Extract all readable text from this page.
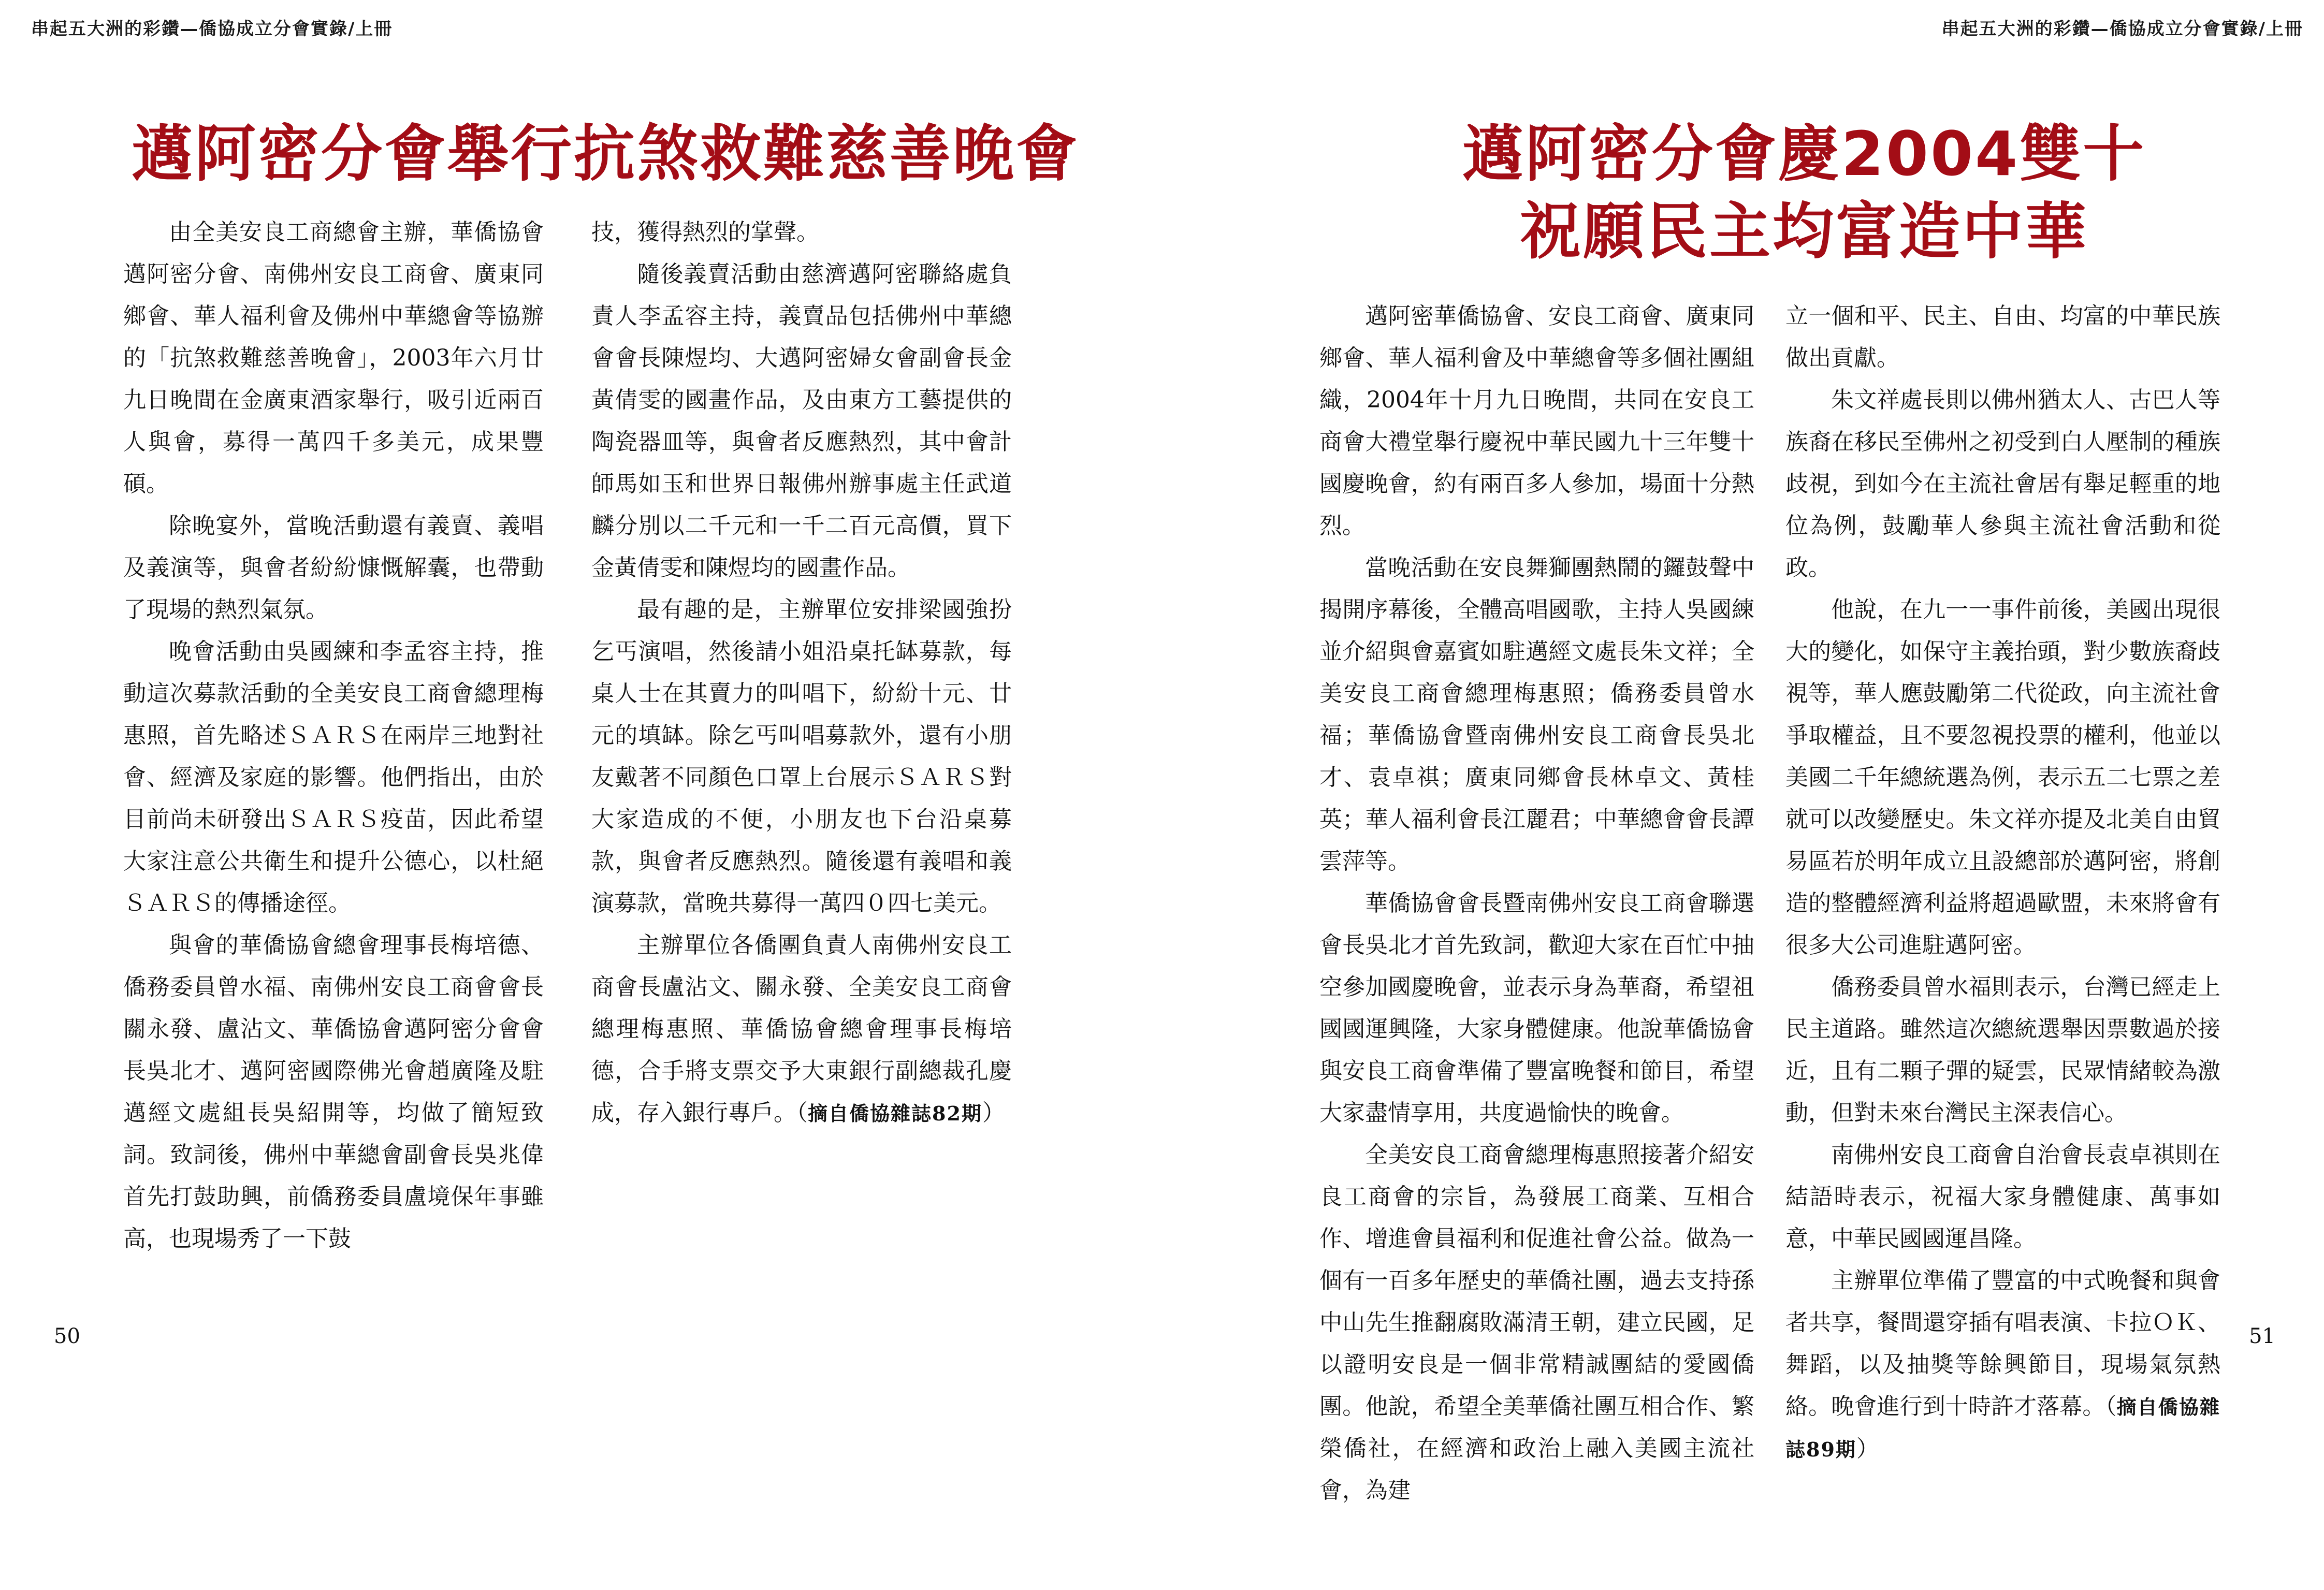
串起五大洲的彩鑽—僑協成立分會實錄/上冊
邁阿密分會舉行抗煞救難慈善晚會

由全美安良工商總會主辦，華僑協會邁阿密分會、南佛州安良工商會、廣東同鄉會、華人福利會及佛州中華總會等協辦的「抗煞救難慈善晚會」，2003年六月廿九日晚間在金廣東酒家舉行，吸引近兩百人與會，募得一萬四千多美元，成果豐碩。

除晚宴外，當晚活動還有義賣、義唱及義演等，與會者紛紛慷慨解囊，也帶動了現場的熱烈氣氛。

晚會活動由吳國練和李孟容主持，推動這次募款活動的全美安良工商會總理梅惠照，首先略述ＳＡＲＳ在兩岸三地對社會、經濟及家庭的影響。他們指出，由於目前尚未研發出ＳＡＲＳ疫苗，因此希望大家注意公共衛生和提升公德心，以杜絕ＳＡＲＳ的傳播途徑。

與會的華僑協會總會理事長梅培德、僑務委員曾水福、南佛州安良工商會會長關永發、盧沾文、華僑協會邁阿密分會會長吳北才、邁阿密國際佛光會趙廣隆及駐邁經文處組長吳紹開等，均做了簡短致詞。致詞後，佛州中華總會副會長吳兆偉首先打鼓助興，前僑務委員盧境保年事雖高，也現場秀了一下鼓

技，獲得熱烈的掌聲。

隨後義賣活動由慈濟邁阿密聯絡處負責人李孟容主持，義賣品包括佛州中華總會會長陳煜均、大邁阿密婦女會副會長金黃倩雯的國畫作品，及由東方工藝提供的陶瓷器皿等，與會者反應熱烈，其中會計師馬如玉和世界日報佛州辦事處主任武道麟分別以二千元和一千二百元高價，買下金黃倩雯和陳煜均的國畫作品。

最有趣的是，主辦單位安排梁國強扮乞丐演唱，然後請小姐沿桌托缽募款，每桌人士在其賣力的叫唱下，紛紛十元、廿元的填缽。除乞丐叫唱募款外，還有小朋友戴著不同顏色口罩上台展示ＳＡＲＳ對大家造成的不便，小朋友也下台沿桌募款，與會者反應熱烈。隨後還有義唱和義演募款，當晚共募得一萬四０四七美元。

主辦單位各僑團負責人南佛州安良工商會長盧沾文、關永發、全美安良工商會總理梅惠照、華僑協會總會理事長梅培德，合手將支票交予大東銀行副總裁孔慶成，存入銀行專戶。（摘自僑協雜誌82期）

50
串起五大洲的彩鑽—僑協成立分會實錄/上冊
邁阿密分會慶2004雙十
祝願民主均富造中華

邁阿密華僑協會、安良工商會、廣東同鄉會、華人福利會及中華總會等多個社團組織，2004年十月九日晚間，共同在安良工商會大禮堂舉行慶祝中華民國九十三年雙十國慶晚會，約有兩百多人參加，場面十分熱烈。

當晚活動在安良舞獅團熱鬧的鑼鼓聲中揭開序幕後，全體高唱國歌，主持人吳國練並介紹與會嘉賓如駐邁經文處長朱文祥；全美安良工商會總理梅惠照；僑務委員曾水福；華僑協會暨南佛州安良工商會長吳北才、袁卓祺；廣東同鄉會長林卓文、黃桂英；華人福利會長江麗君；中華總會會長譚雲萍等。

華僑協會會長暨南佛州安良工商會聯選會長吳北才首先致詞，歡迎大家在百忙中抽空參加國慶晚會，並表示身為華裔，希望祖國國運興隆，大家身體健康。他說華僑協會與安良工商會準備了豐富晚餐和節目，希望大家盡情享用，共度過愉快的晚會。

全美安良工商會總理梅惠照接著介紹安良工商會的宗旨，為發展工商業、互相合作、增進會員福利和促進社會公益。做為一個有一百多年歷史的華僑社團，過去支持孫中山先生推翻腐敗滿清王朝，建立民國，足以證明安良是一個非常精誠團結的愛國僑團。他說，希望全美華僑社團互相合作、繁榮僑社，在經濟和政治上融入美國主流社會，為建

立一個和平、民主、自由、均富的中華民族做出貢獻。

朱文祥處長則以佛州猶太人、古巴人等族裔在移民至佛州之初受到白人壓制的種族歧視，到如今在主流社會居有舉足輕重的地位為例，鼓勵華人參與主流社會活動和從政。

他說，在九一一事件前後，美國出現很大的變化，如保守主義抬頭，對少數族裔歧視等，華人應鼓勵第二代從政，向主流社會爭取權益，且不要忽視投票的權利，他並以美國二千年總統選為例，表示五二七票之差就可以改變歷史。朱文祥亦提及北美自由貿易區若於明年成立且設總部於邁阿密，將創造的整體經濟利益將超過歐盟，未來將會有很多大公司進駐邁阿密。

僑務委員曾水福則表示，台灣已經走上民主道路。雖然這次總統選舉因票數過於接近，且有二顆子彈的疑雲，民眾情緒較為激動，但對未來台灣民主深表信心。

南佛州安良工商會自治會長袁卓祺則在結語時表示，祝福大家身體健康、萬事如意，中華民國國運昌隆。

主辦單位準備了豐富的中式晚餐和與會者共享，餐間還穿插有唱表演、卡拉ＯＫ、舞蹈，以及抽獎等餘興節目，現場氣氛熱絡。晚會進行到十時許才落幕。（摘自僑協雜誌89期）

51
